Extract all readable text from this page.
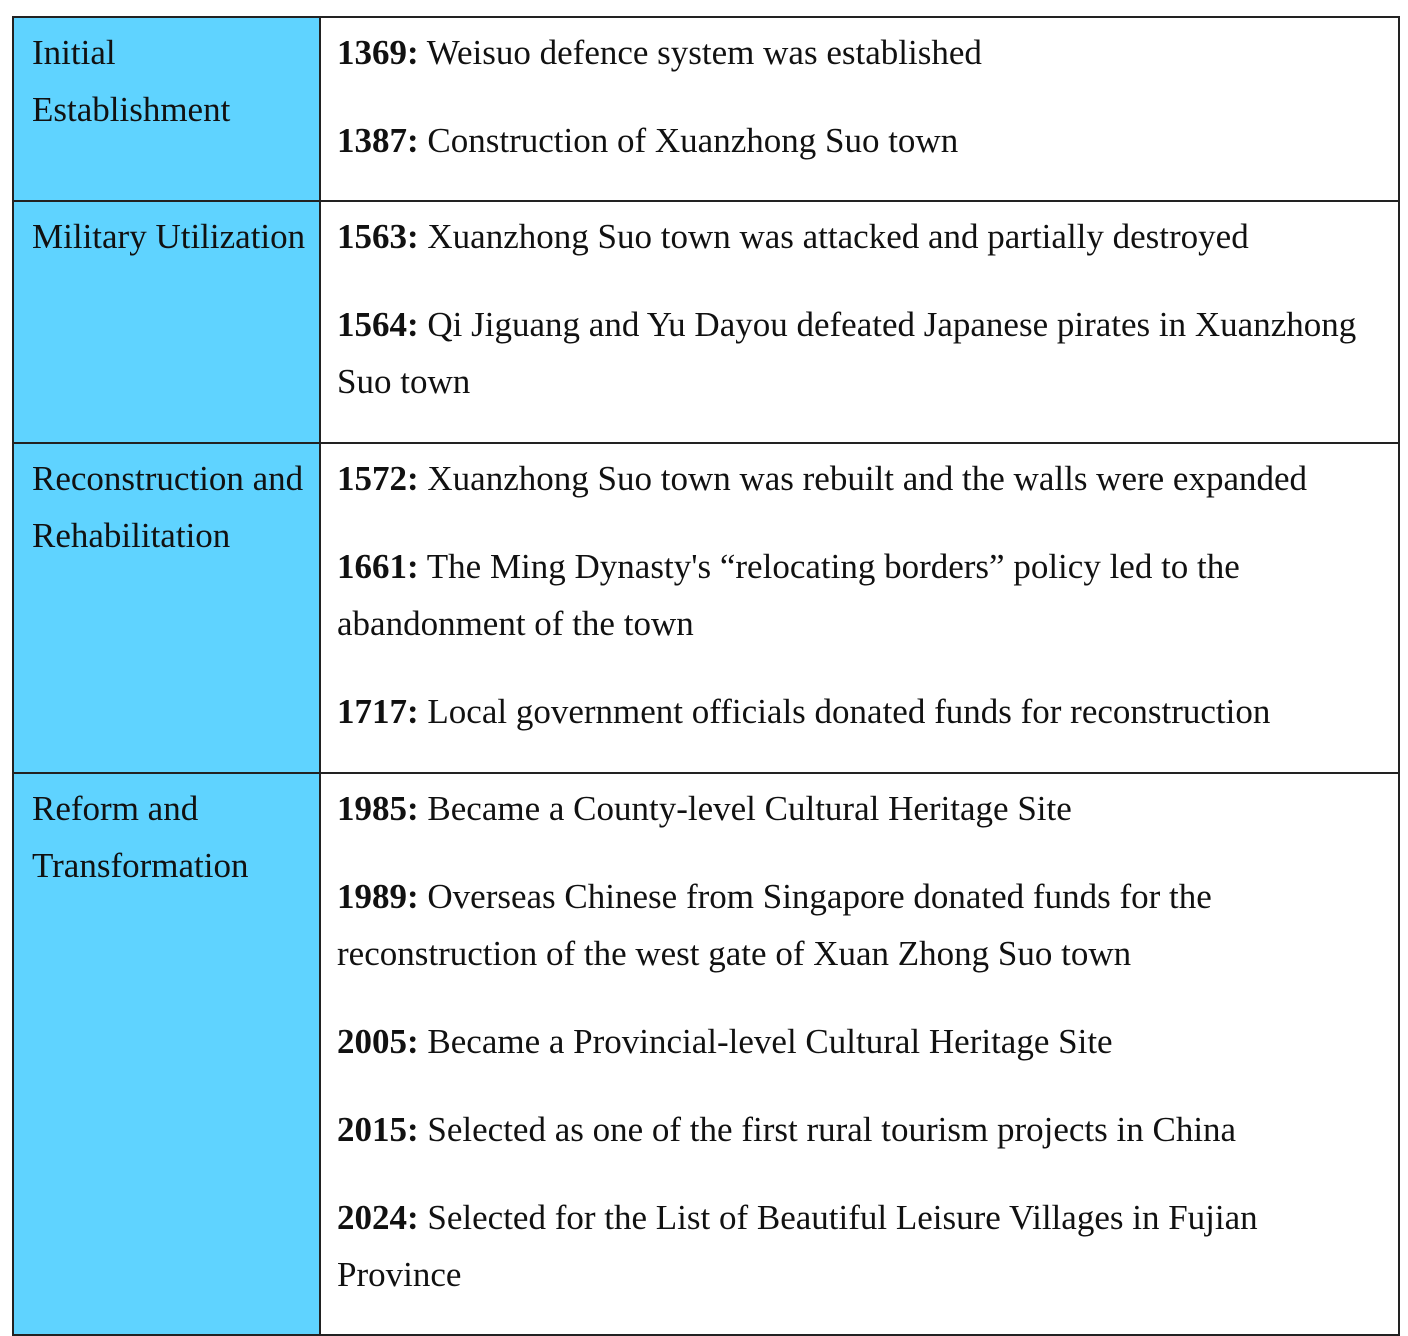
Initial Establishment	1369: Weisuo defence system was established
1387: Construction of Xuanzhong Suo town

Military Utilization	1563: Xuanzhong Suo town was attacked and partially destroyed
1564: Qi Jiguang and Yu Dayou defeated Japanese pirates in Xuanzhong Suo town

Reconstruction and Rehabilitation	1572: Xuanzhong Suo town was rebuilt and the walls were expanded
1661: The Ming Dynasty's “relocating borders” policy led to the abandonment of the town
1717: Local government officials donated funds for reconstruction

Reform and Transformation	1985: Became a County-level Cultural Heritage Site
1989: Overseas Chinese from Singapore donated funds for the reconstruction of the west gate of Xuan Zhong Suo town
2005: Became a Provincial-level Cultural Heritage Site
2015: Selected as one of the first rural tourism projects in China
2024: Selected for the List of Beautiful Leisure Villages in Fujian Province
